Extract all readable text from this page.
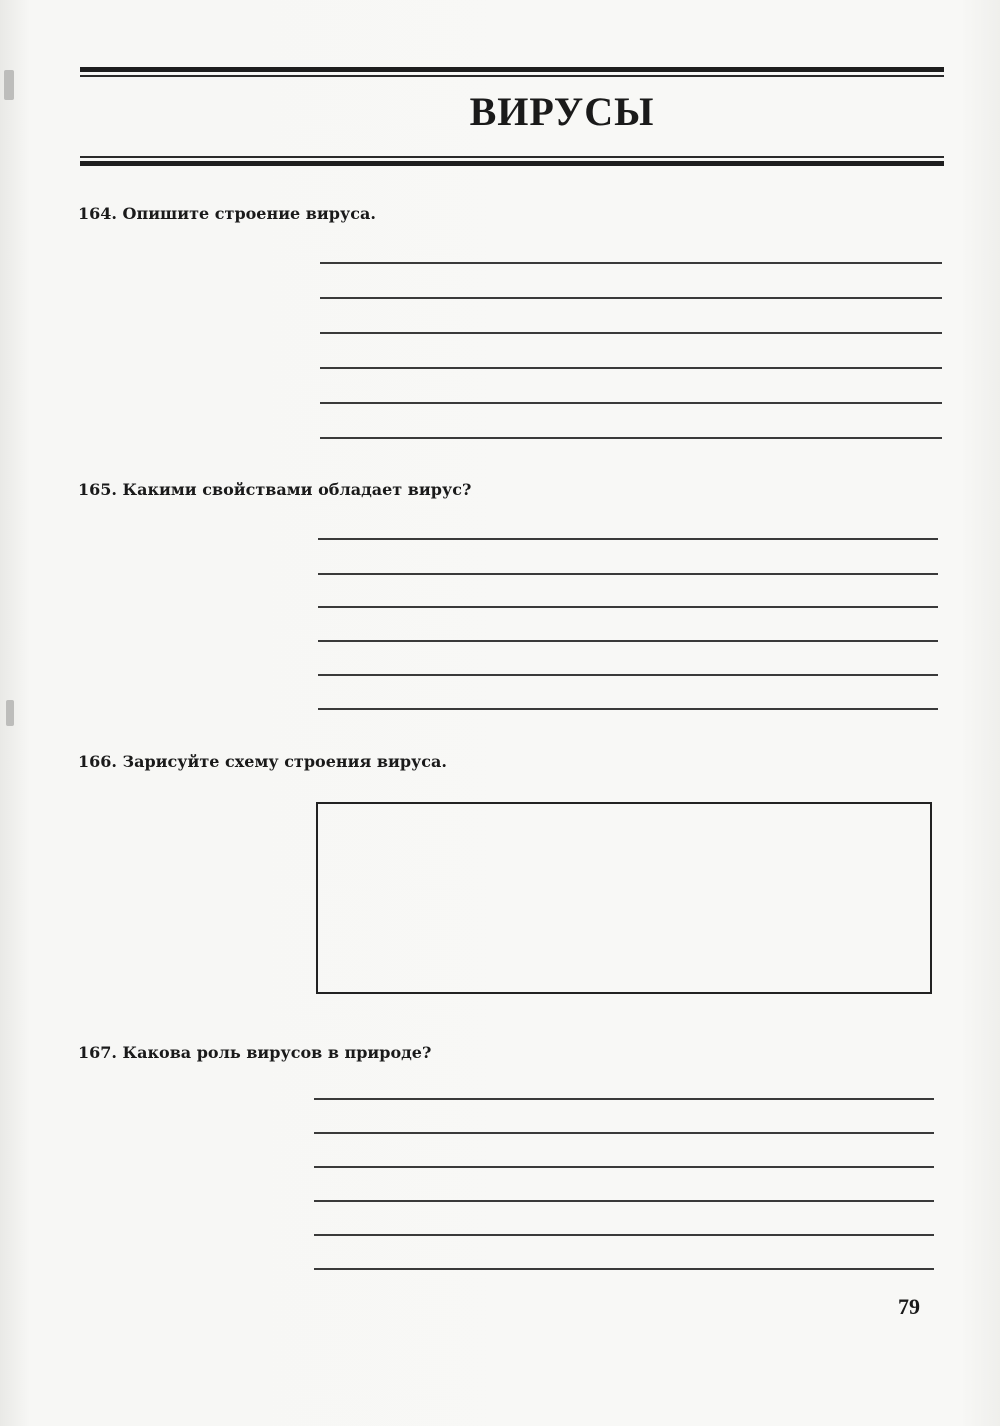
ВИРУСЫ
164. Опишите строение вируса.
165. Какими свойствами обладает вирус?
166. Зарисуйте схему строения вируса.
167. Какова роль вирусов в природе?
79
